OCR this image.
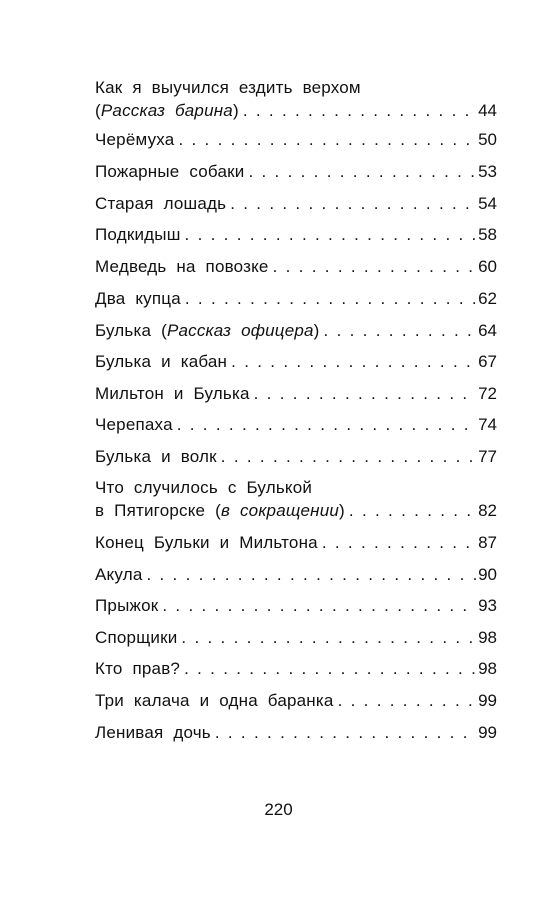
Как я выучился ездить верхом
(Рассказ барина) . . .	44
Черёмуха . . .	50
Пожарные собаки . . .	53
Старая лошадь . . .	54
Подкидыш . . .	58
Медведь на повозке . . .	60
Два купца . . .	62
Булька (Рассказ офицера) . . .	64
Булька и кабан . . .	67
Мильтон и Булька . . .	72
Черепаха . . .	74
Булька и волк . . .	77
Что случилось с Булькой
в Пятигорске (в сокращении) . . .	82
Конец Бульки и Мильтона . . .	87
Акула . . .	90
Прыжок . . .	93
Спорщики . . .	98
Кто прав? . . .	98
Три калача и одна баранка . . .	99
Ленивая дочь . . .	99
220
